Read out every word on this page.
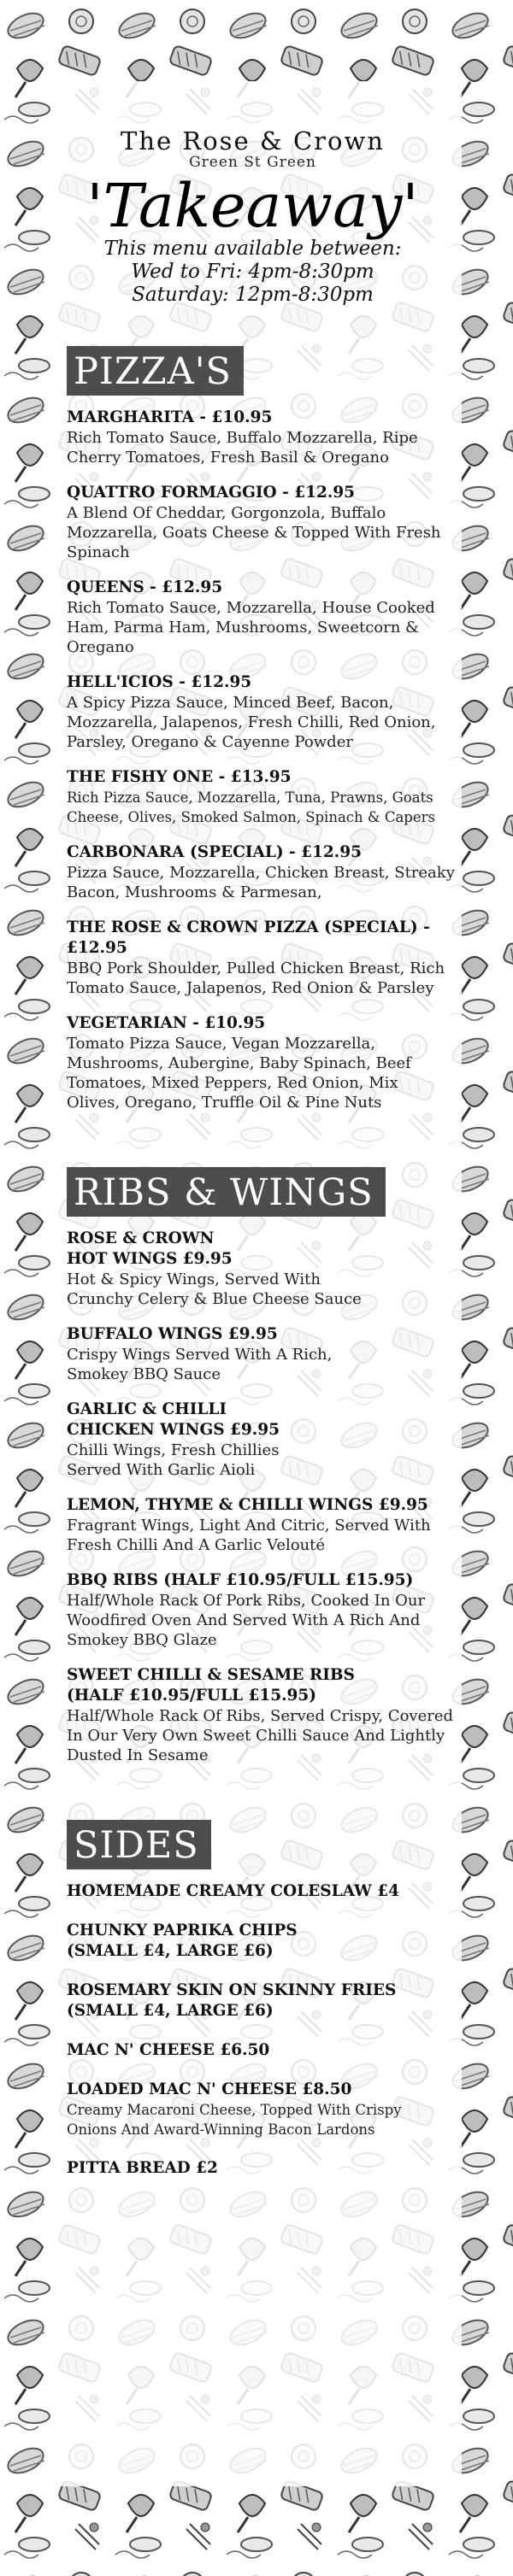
The Rose & Crown
Green St Green
'Takeaway'
This menu available between:
Wed to Fri: 4pm-8:30pm
Saturday: 12pm-8:30pm
PIZZA'S
MARGHARITA - £10.95
Rich Tomato Sauce, Buffalo Mozzarella, Ripe Cherry Tomatoes, Fresh Basil & Oregano
QUATTRO FORMAGGIO - £12.95
A Blend Of Cheddar, Gorgonzola, Buffalo Mozzarella, Goats Cheese & Topped With Fresh Spinach
QUEENS - £12.95
Rich Tomato Sauce, Mozzarella, House Cooked Ham, Parma Ham, Mushrooms, Sweetcorn & Oregano
HELL'ICIOS - £12.95
A Spicy Pizza Sauce, Minced Beef, Bacon, Mozzarella, Jalapenos, Fresh Chilli, Red Onion, Parsley, Oregano & Cayenne Powder
THE FISHY ONE - £13.95
Rich Pizza Sauce, Mozzarella, Tuna, Prawns, Goats Cheese, Olives, Smoked Salmon, Spinach & Capers
CARBONARA (SPECIAL) - £12.95
Pizza Sauce, Mozzarella, Chicken Breast, Streaky Bacon, Mushrooms & Parmesan,
THE ROSE & CROWN PIZZA (SPECIAL) - £12.95
BBQ Pork Shoulder, Pulled Chicken Breast, Rich Tomato Sauce, Jalapenos, Red Onion & Parsley
VEGETARIAN - £10.95
Tomato Pizza Sauce, Vegan Mozzarella, Mushrooms, Aubergine, Baby Spinach, Beef Tomatoes, Mixed Peppers, Red Onion, Mix Olives, Oregano, Truffle Oil & Pine Nuts
RIBS & WINGS
ROSE & CROWN HOT WINGS £9.95
Hot & Spicy Wings, Served With Crunchy Celery & Blue Cheese Sauce
BUFFALO WINGS £9.95
Crispy Wings Served With A Rich, Smokey BBQ Sauce
GARLIC & CHILLI CHICKEN WINGS £9.95
Chilli Wings, Fresh Chillies Served With Garlic Aioli
LEMON, THYME & CHILLI WINGS £9.95
Fragrant Wings, Light And Citric, Served With Fresh Chilli And A Garlic Velouté
BBQ RIBS (HALF £10.95/FULL £15.95)
Half/Whole Rack Of Pork Ribs, Cooked In Our Woodfired Oven And Served With A Rich And Smokey BBQ Glaze
SWEET CHILLI & SESAME RIBS (HALF £10.95/FULL £15.95)
Half/Whole Rack Of Ribs, Served Crispy, Covered In Our Very Own Sweet Chilli Sauce And Lightly Dusted In Sesame
SIDES
HOMEMADE CREAMY COLESLAW £4
CHUNKY PAPRIKA CHIPS (SMALL £4, LARGE £6)
ROSEMARY SKIN ON SKINNY FRIES (SMALL £4, LARGE £6)
MAC N' CHEESE £6.50
LOADED MAC N' CHEESE £8.50
Creamy Macaroni Cheese, Topped With Crispy Onions And Award-Winning Bacon Lardons
PITTA BREAD £2
